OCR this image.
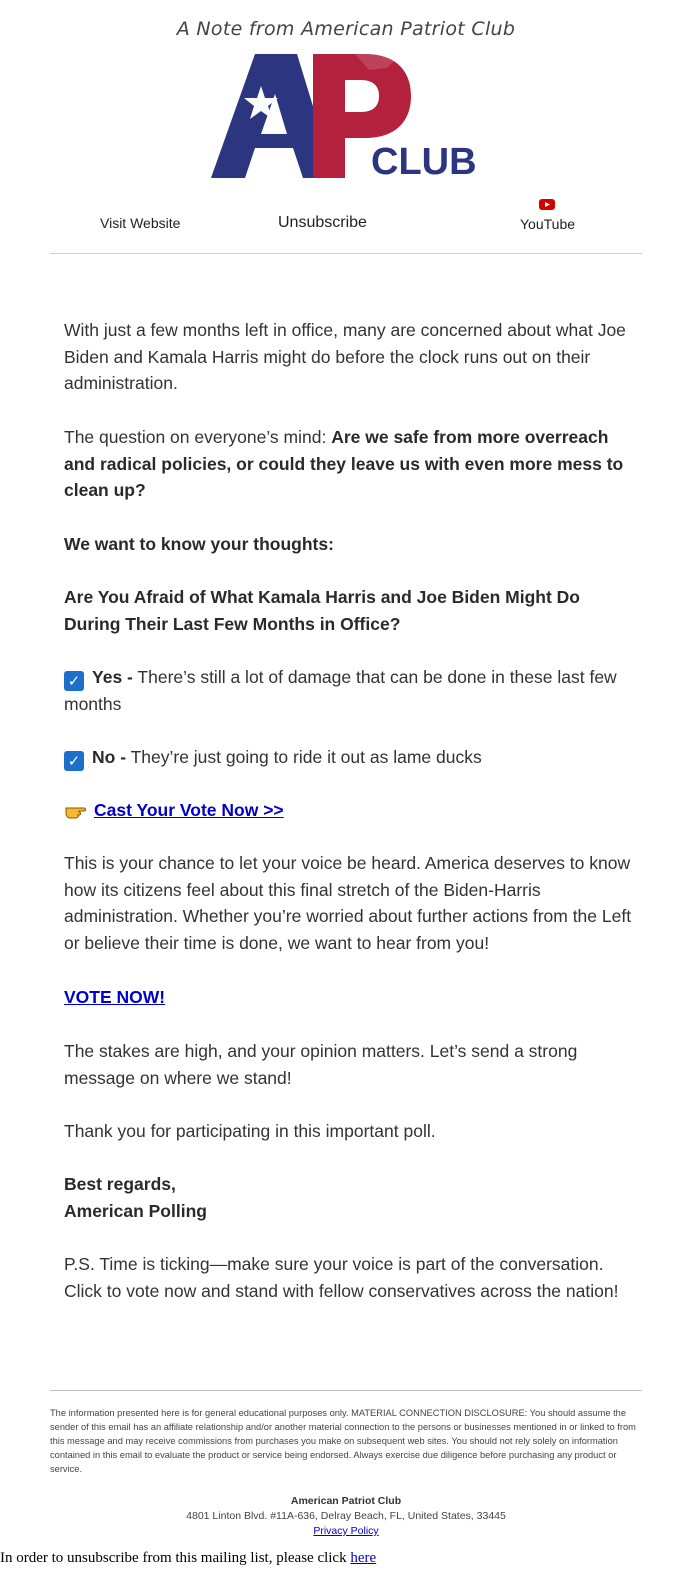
A Note from American Patriot Club
CLUB
Visit Website	Unsubscribe	YouTube
With just a few months left in office, many are concerned about what Joe Biden and Kamala Harris might do before the clock runs out on their administration.
The question on everyone’s mind: Are we safe from more overreach and radical policies, or could they leave us with even more mess to clean up?
We want to know your thoughts:
Are You Afraid of What Kamala Harris and Joe Biden Might Do During Their Last Few Months in Office?
✓ Yes - There’s still a lot of damage that can be done in these last few months
✓ No - They’re just going to ride it out as lame ducks
Cast Your Vote Now >>
This is your chance to let your voice be heard. America deserves to know how its citizens feel about this final stretch of the Biden-Harris administration. Whether you’re worried about further actions from the Left or believe their time is done, we want to hear from you!
VOTE NOW!
The stakes are high, and your opinion matters. Let’s send a strong message on where we stand!
Thank you for participating in this important poll.
Best regards,
American Polling
P.S. Time is ticking—make sure your voice is part of the conversation. Click to vote now and stand with fellow conservatives across the nation!
The information presented here is for general educational purposes only. MATERIAL CONNECTION DISCLOSURE: You should assume the sender of this email has an affiliate relationship and/or another material connection to the persons or businesses mentioned in or linked to from this message and may receive commissions from purchases you make on subsequent web sites. You should not rely solely on information contained in this email to evaluate the product or service being endorsed. Always exercise due diligence before purchasing any product or service.
American Patriot Club
4801 Linton Blvd. #11A-636, Delray Beach, FL, United States, 33445
Privacy Policy
In order to unsubscribe from this mailing list, please click here
